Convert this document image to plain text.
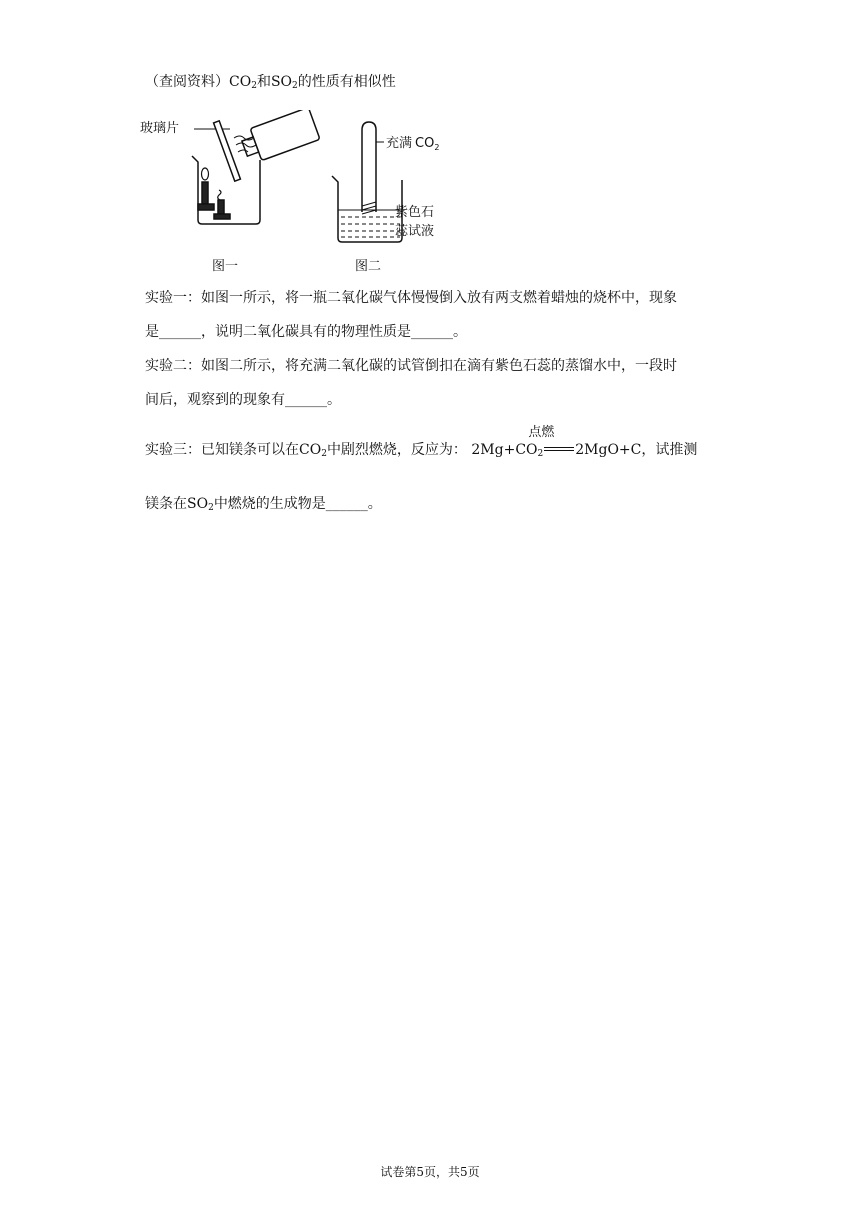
（查阅资料）$CO_2$和$SO_2$的性质有相似性
玻璃片
充满 $CO_2$
紫色石
蕊试液
图一	图二
实验一：如图一所示，将一瓶二氧化碳气体慢慢倒入放有两支燃着蜡烛的烧杯中，现象
是______，说明二氧化碳具有的物理性质是______。
实验二：如图二所示，将充满二氧化碳的试管倒扣在滴有紫色石蕊的蒸馏水中，一段时
间后，观察到的现象有______。
实验三：已知镁条可以在$CO_2$中剧烈燃烧，反应为： $2Mg+CO_2$ 2MgO+C
点燃
，试推测
镁条在$SO_2$中燃烧的生成物是______。
试卷第5页，共5页
